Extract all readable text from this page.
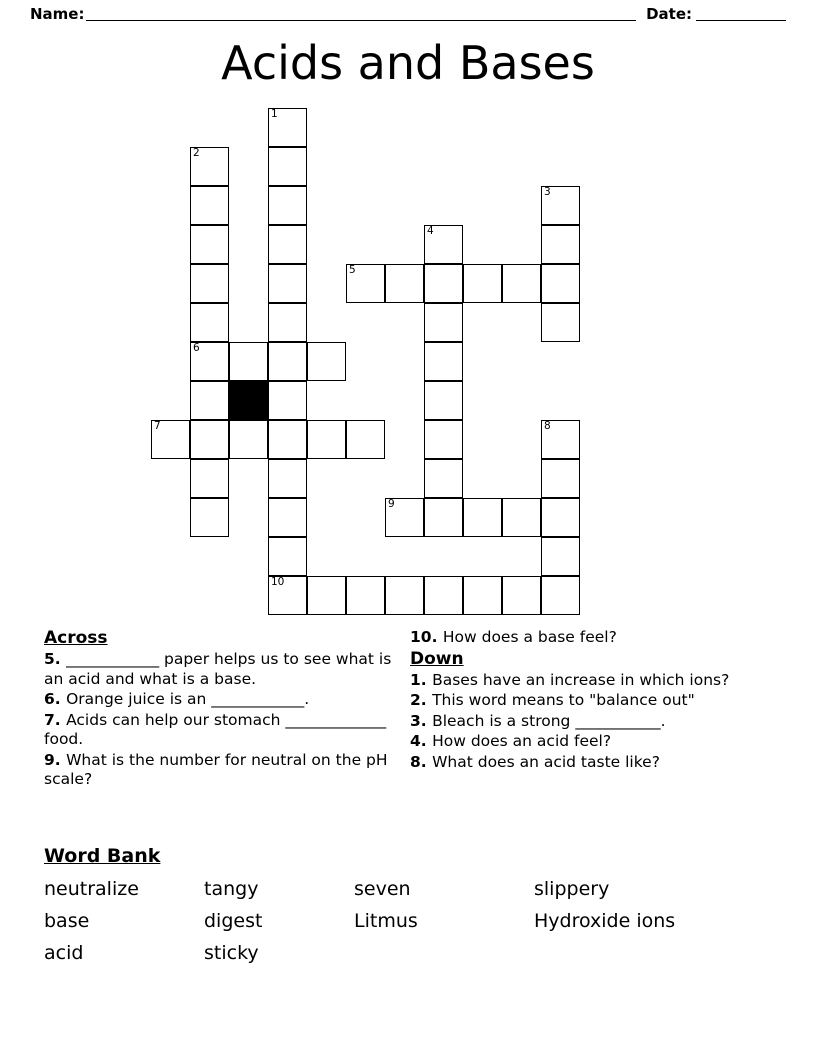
Name:	Date:
Acids and Bases
1
2
3
4
5
6
7	8
9
10
Across

5. ____________ paper helps us to see what is an acid and what is a base.

6. Orange juice is an ____________.

7. Acids can help our stomach _____________ food.

9. What is the number for neutral on the pH scale?

10. How does a base feel?

Down

1. Bases have an increase in which ions?

2. This word means to "balance out"

3. Bleach is a strong ___________.

4. How does an acid feel?

8. What does an acid taste like?

Word Bank
neutralize	tangy	seven	slippery
base	digest	Litmus	Hydroxide ions
acid	sticky
